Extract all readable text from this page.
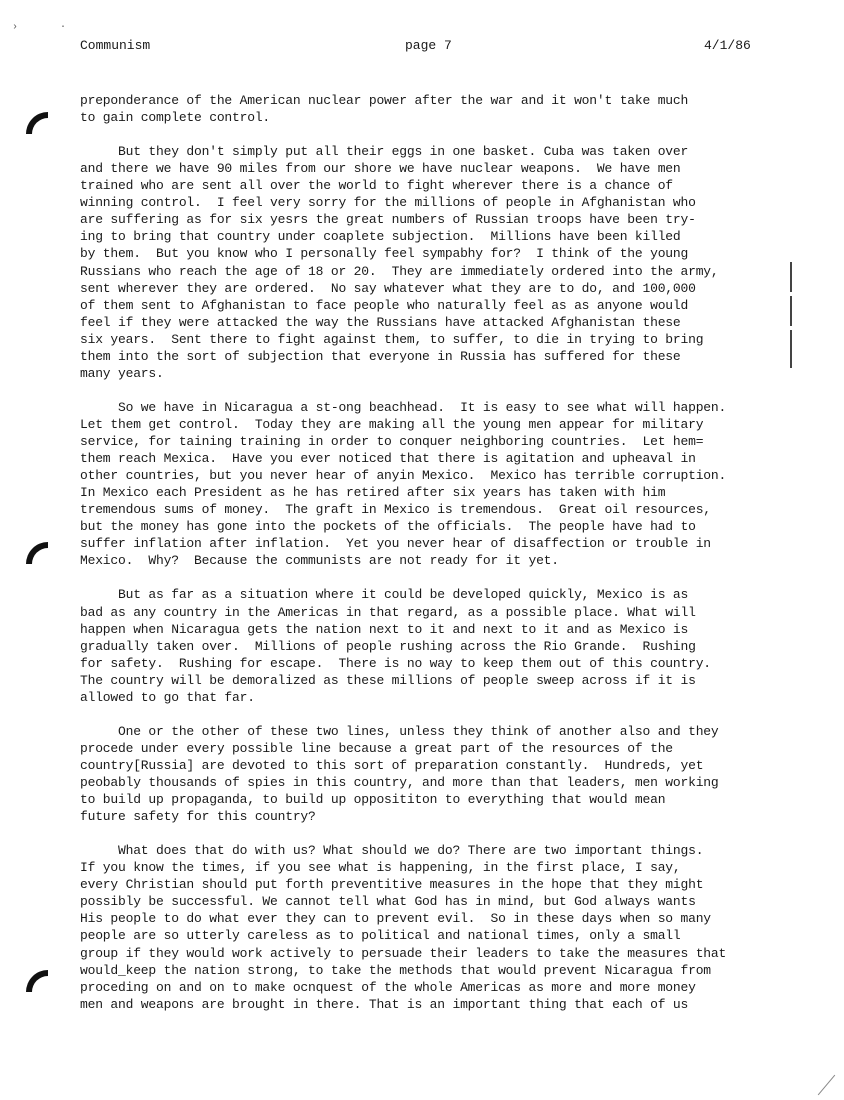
Communism	page 7	4/1/86
preponderance of the American nuclear power after the war and it won't take much
to gain complete control.
But they don't simply put all their eggs in one basket. Cuba was taken over
and there we have 90 miles from our shore we have nuclear weapons.  We have men
trained who are sent all over the world to fight wherever there is a chance of
winning control.  I feel very sorry for the millions of people in Afghanistan who
are suffering as for six yesrs the great numbers of Russian troops have been try-
ing to bring that country under coaplete subjection.  Millions have been killed
by them.  But you know who I personally feel sympabhy for?  I think of the young
Russians who reach the age of 18 or 20.  They are immediately ordered into the army,
sent wherever they are ordered.  No say whatever what they are to do, and 100,000
of them sent to Afghanistan to face people who naturally feel as as anyone would
feel if they were attacked the way the Russians have attacked Afghanistan these
six years.  Sent there to fight against them, to suffer, to die in trying to bring
them into the sort of subjection that everyone in Russia has suffered for these
many years.
So we have in Nicaragua a st-ong beachhead.  It is easy to see what will happen.
Let them get control.  Today they are making all the young men appear for military
service, for taining training in order to conquer neighboring countries.  Let hem=
them reach Mexica.  Have you ever noticed that there is agitation and upheaval in
other countries, but you never hear of anyin Mexico.  Mexico has terrible corruption.
In Mexico each President as he has retired after six years has taken with him
tremendous sums of money.  The graft in Mexico is tremendous.  Great oil resources,
but the money has gone into the pockets of the officials.  The people have had to
suffer inflation after inflation.  Yet you never hear of disaffection or trouble in
Mexico.  Why?  Because the communists are not ready for it yet.
But as far as a situation where it could be developed quickly, Mexico is as
bad as any country in the Americas in that regard, as a possible place. What will
happen when Nicaragua gets the nation next to it and next to it and as Mexico is
gradually taken over.  Millions of people rushing across the Rio Grande.  Rushing
for safety.  Rushing for escape.  There is no way to keep them out of this country.
The country will be demoralized as these millions of people sweep across if it is
allowed to go that far.
One or the other of these two lines, unless they think of another also and they
procede under every possible line because a great part of the resources of the
country[Russia] are devoted to this sort of preparation constantly.  Hundreds, yet
peobably thousands of spies in this country, and more than that leaders, men working
to build up propaganda, to build up opposititon to everything that would mean
future safety for this country?
What does that do with us? What should we do? There are two important things.
If you know the times, if you see what is happening, in the first place, I say,
every Christian should put forth preventitive measures in the hope that they might
possibly be successful. We cannot tell what God has in mind, but God always wants
His people to do what ever they can to prevent evil.  So in these days when so many
people are so utterly careless as to political and national times, only a small
group if they would work actively to persuade their leaders to take the measures that
would_keep the nation strong, to take the methods that would prevent Nicaragua from
proceding on and on to make ocnquest of the whole Americas as more and more money
men and weapons are brought in there. That is an important thing that each of us
›	·
